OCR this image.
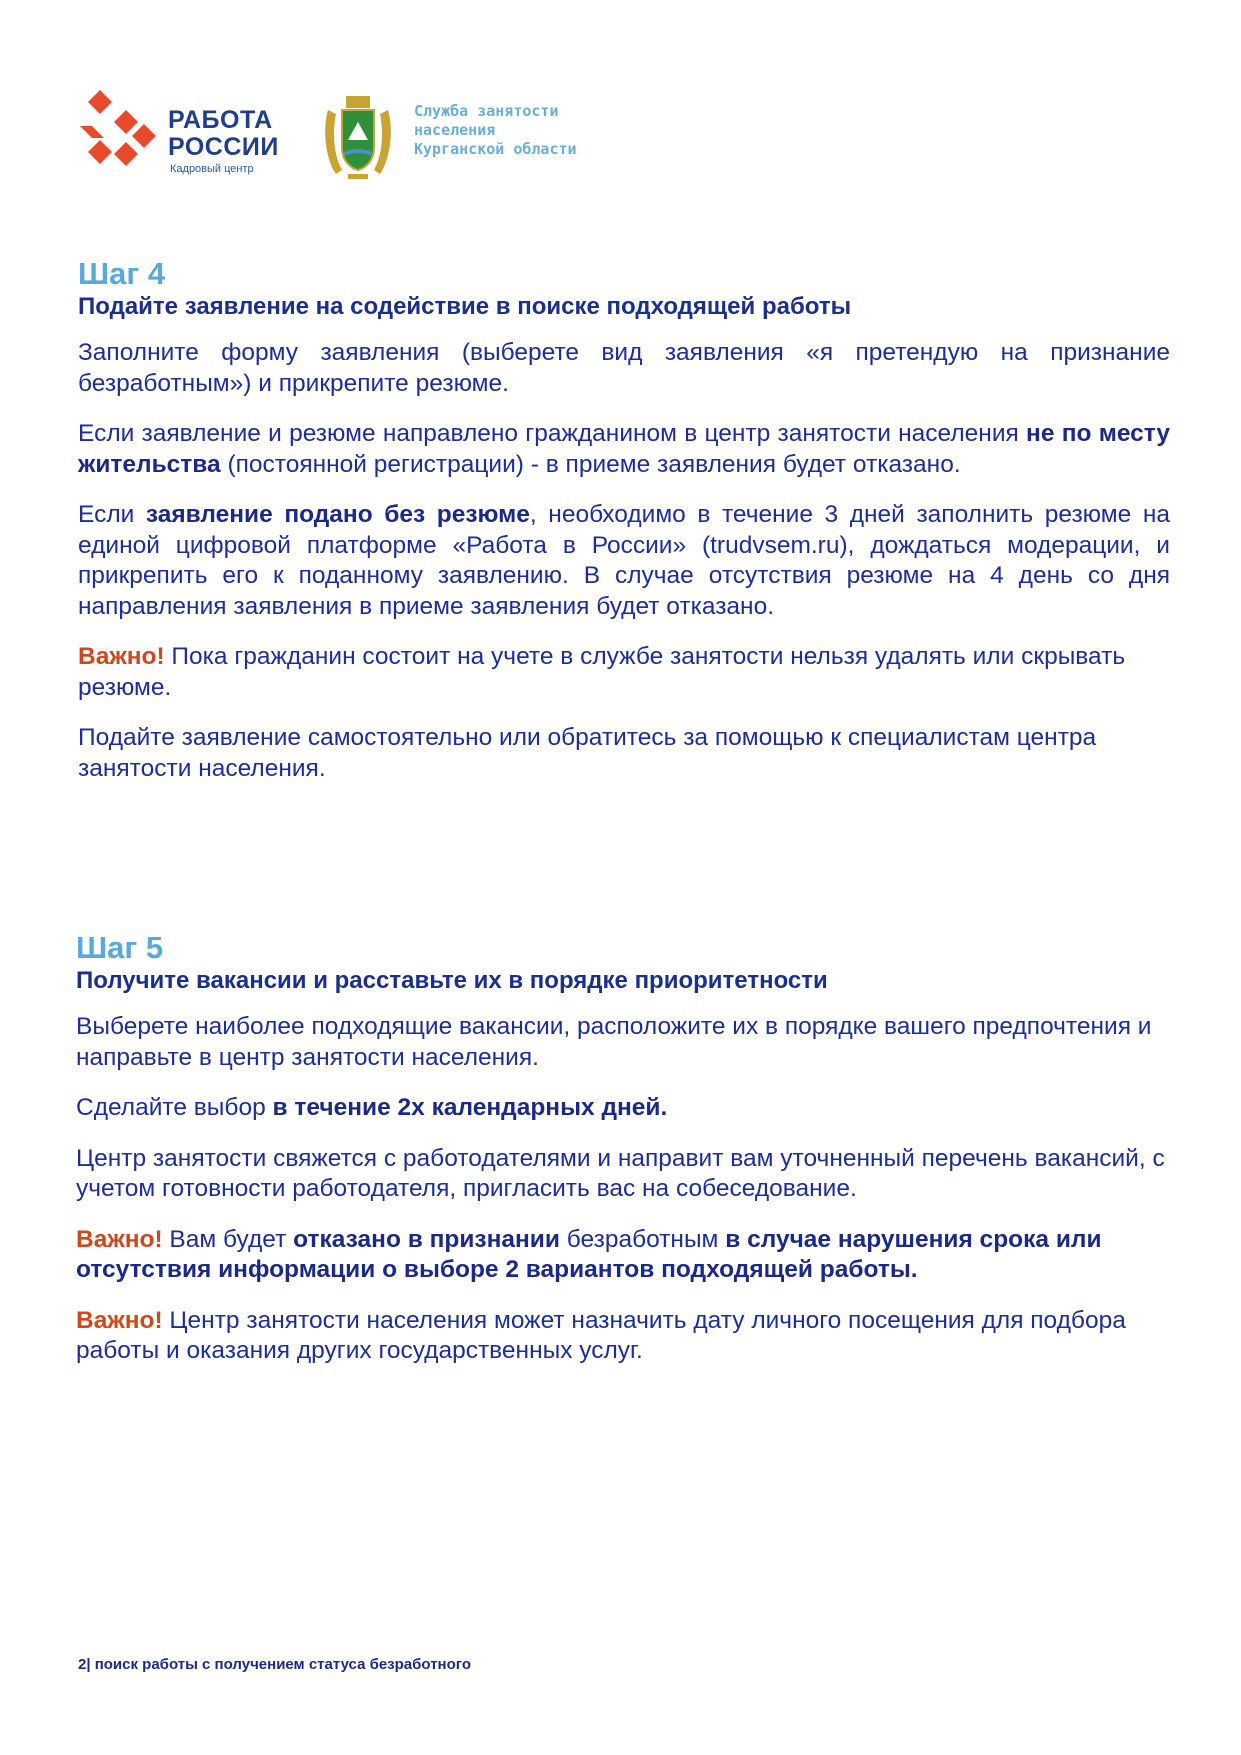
РАБОТА
РОССИИ
Кадровый центр
Служба занятости
населения
Курганской области
Шаг 4
Подайте заявление на содействие в поиске подходящей работы

Заполните форму заявления (выберете вид заявления «я претендую на признание безработным») и прикрепите резюме.

Если заявление и резюме направлено гражданином в центр занятости населения не по месту жительства (постоянной регистрации) - в приеме заявления будет отказано.

Если заявление подано без резюме, необходимо в течение 3 дней заполнить резюме на единой цифровой платформе «Работа в России» (trudvsem.ru), дождаться модерации, и прикрепить его к поданному заявлению. В случае отсутствия резюме на 4 день со дня направления заявления в приеме заявления будет отказано.

Важно! Пока гражданин состоит на учете в службе занятости нельзя удалять или скрывать резюме.

Подайте заявление самостоятельно или обратитесь за помощью к специалистам центра занятости населения.

Шаг 5
Получите вакансии и расставьте их в порядке приоритетности

Выберете наиболее подходящие вакансии, расположите их в порядке вашего предпочтения и направьте в центр занятости населения.

Сделайте выбор в течение 2х календарных дней.

Центр занятости свяжется с работодателями и направит вам уточненный перечень вакансий, с учетом готовности работодателя, пригласить вас на собеседование.

Важно! Вам будет отказано в признании безработным в случае нарушения срока или отсутствия информации о выборе 2 вариантов подходящей работы.

Важно! Центр занятости населения может назначить дату личного посещения для подбора работы и оказания других государственных услуг.

2| поиск работы с получением статуса безработного
